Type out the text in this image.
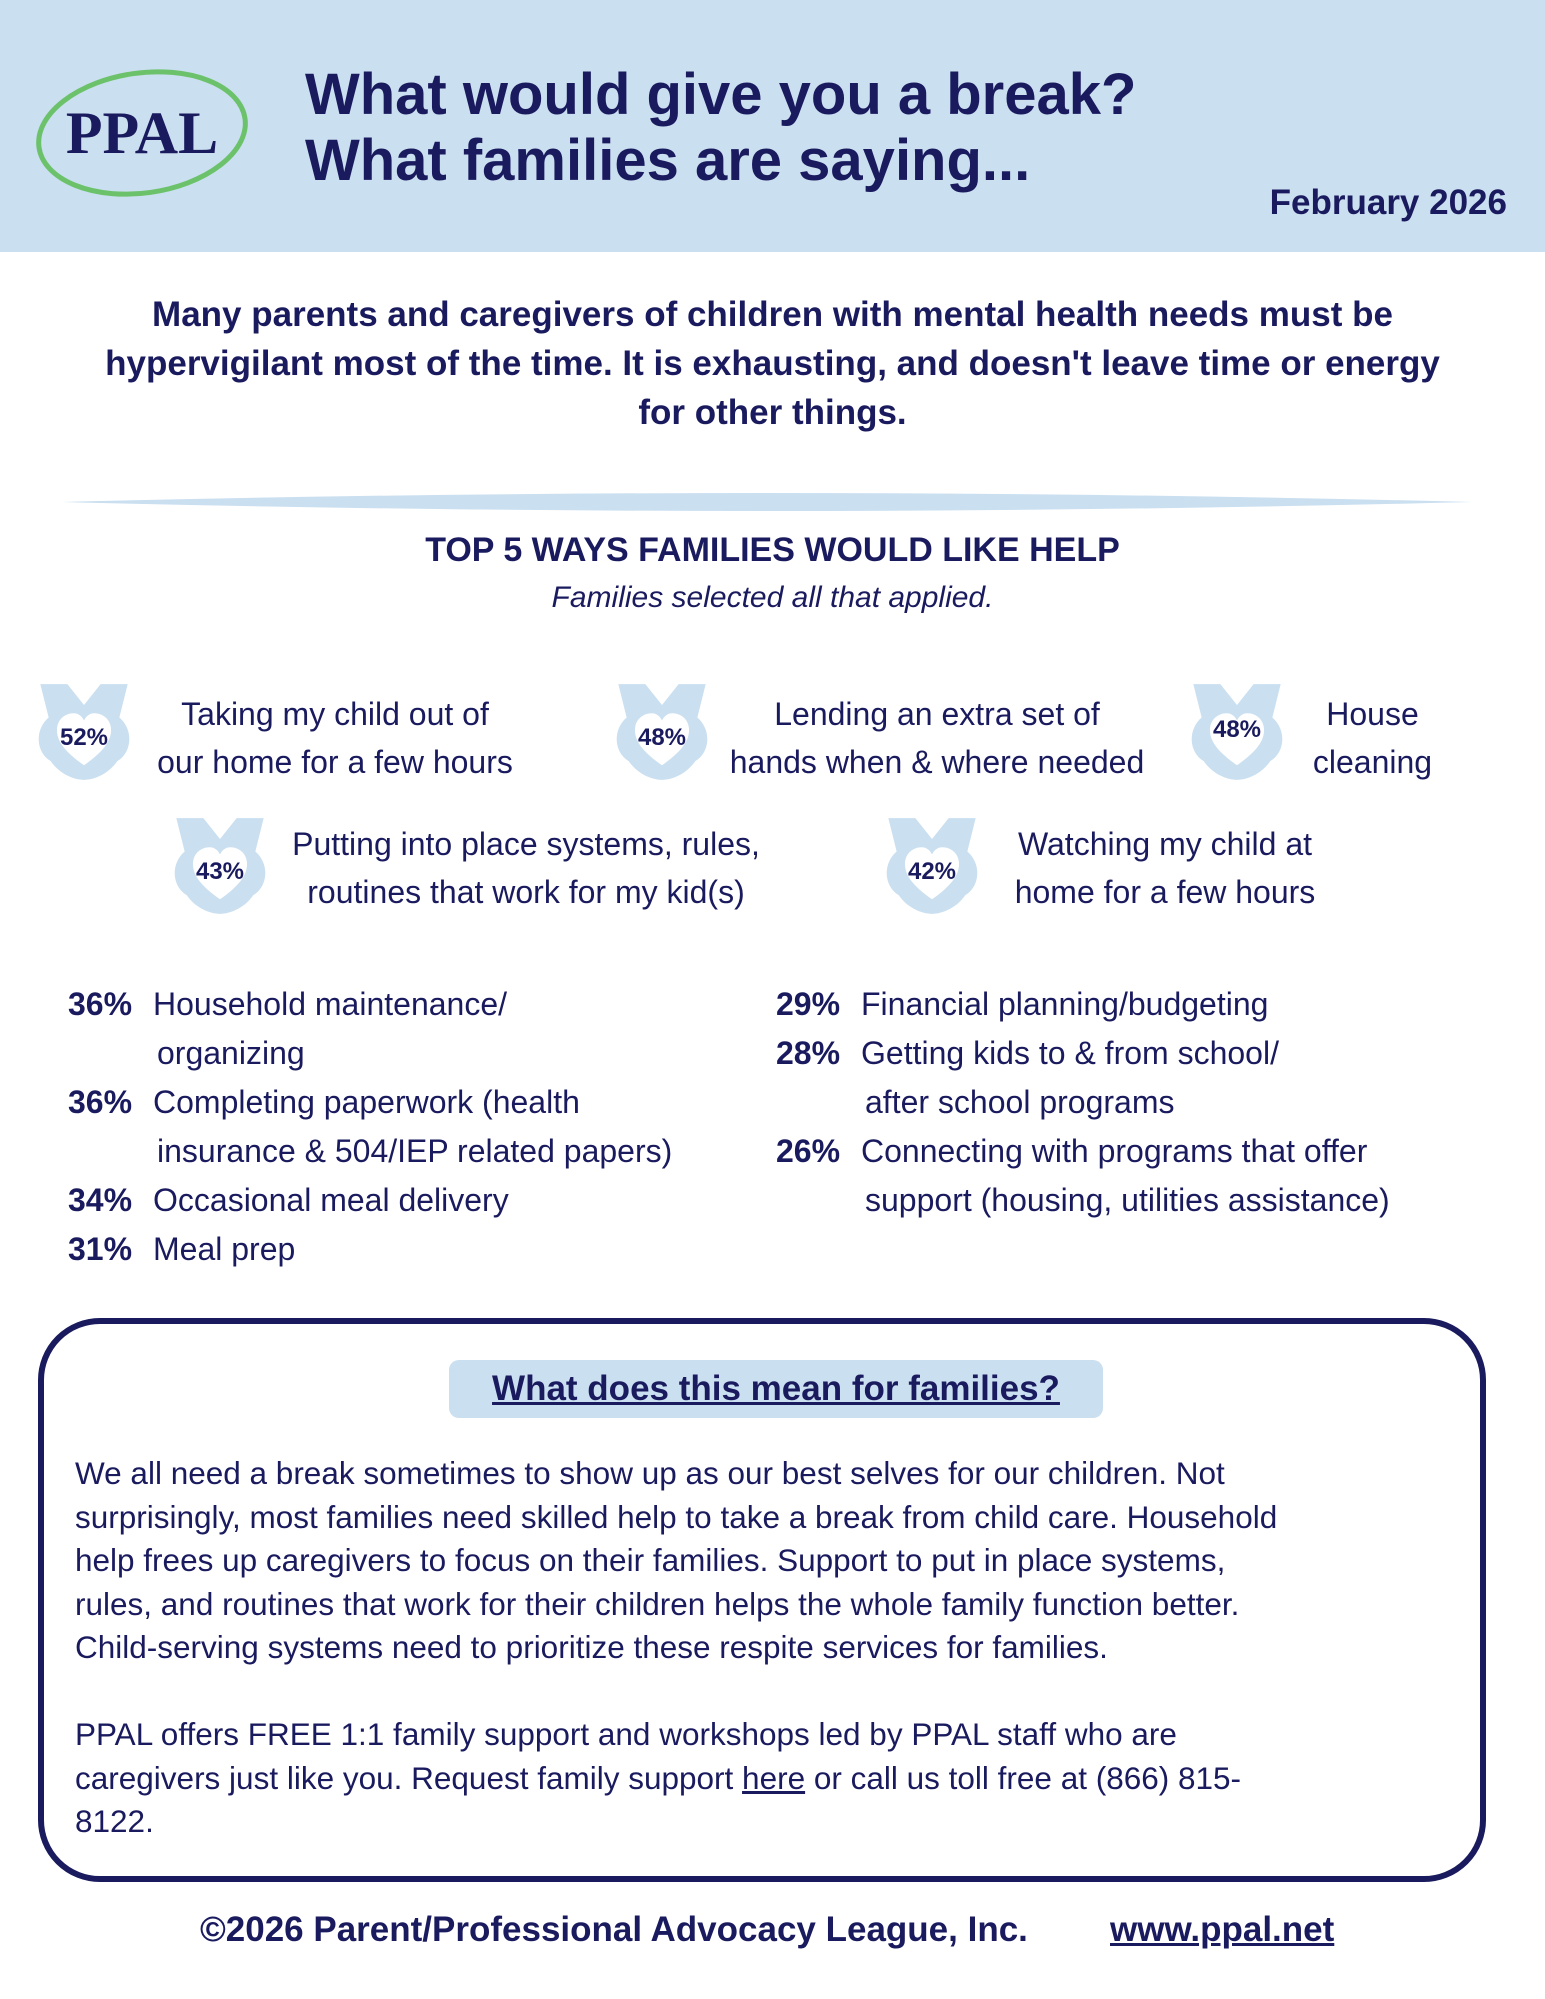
PPAL
What would give you a break?
What families are saying...
February 2026

Many parents and caregivers of children with mental health needs must be
hypervigilant most of the time. It is exhausting, and doesn't leave time or energy
for other things.

TOP 5 WAYS FAMILIES WOULD LIKE HELP
Families selected all that applied.
52%
Taking my child out of
our home for a few hours
48%
Lending an extra set of
hands when & where needed
48%	House
cleaning
43%
Putting into place systems, rules,
routines that work for my kid(s)
42%
Watching my child at
home for a few hours
36% Household maintenance/
organizing
36% Completing paperwork (health
insurance & 504/IEP related papers)
34% Occasional meal delivery
31% Meal prep
29% Financial planning/budgeting
28% Getting kids to & from school/
after school programs
26% Connecting with programs that offer
support (housing, utilities assistance)
What does this mean for families?

We all need a break sometimes to show up as our best selves for our children. Not
surprisingly, most families need skilled help to take a break from child care. Household
help frees up caregivers to focus on their families. Support to put in place systems,
rules, and routines that work for their children helps the whole family function better.
Child-serving systems need to prioritize these respite services for families.

PPAL offers FREE 1:1 family support and workshops led by PPAL staff who are
caregivers just like you. Request family support here or call us toll free at (866) 815-
8122.

©2026 Parent/Professional Advocacy League, Inc. www.ppal.net
